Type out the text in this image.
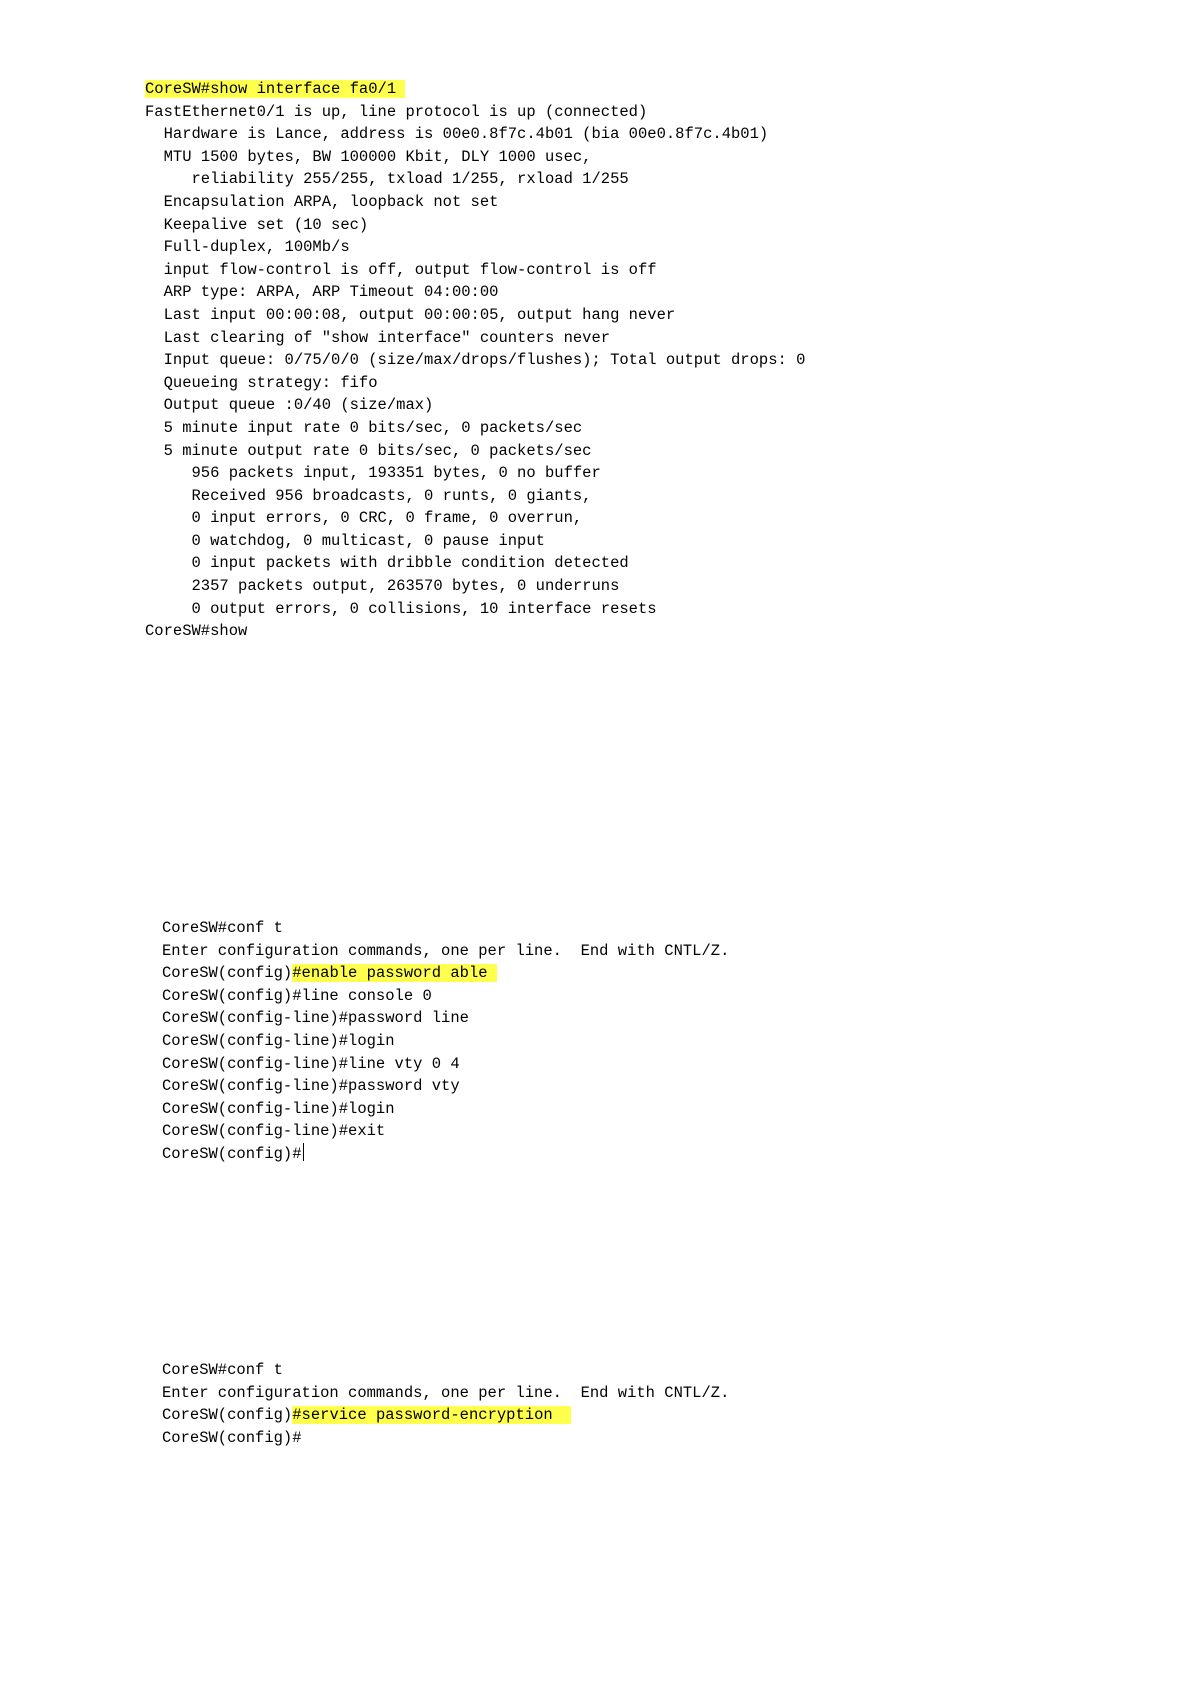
CoreSW#show interface fa0/1
FastEthernet0/1 is up, line protocol is up (connected)
Hardware is Lance, address is 00e0.8f7c.4b01 (bia 00e0.8f7c.4b01)
MTU 1500 bytes, BW 100000 Kbit, DLY 1000 usec,
reliability 255/255, txload 1/255, rxload 1/255
Encapsulation ARPA, loopback not set
Keepalive set (10 sec)
Full-duplex, 100Mb/s
input flow-control is off, output flow-control is off
ARP type: ARPA, ARP Timeout 04:00:00
Last input 00:00:08, output 00:00:05, output hang never
Last clearing of "show interface" counters never
Input queue: 0/75/0/0 (size/max/drops/flushes); Total output drops: 0
Queueing strategy: fifo
Output queue :0/40 (size/max)
5 minute input rate 0 bits/sec, 0 packets/sec
5 minute output rate 0 bits/sec, 0 packets/sec
956 packets input, 193351 bytes, 0 no buffer
Received 956 broadcasts, 0 runts, 0 giants,
0 input errors, 0 CRC, 0 frame, 0 overrun,
0 watchdog, 0 multicast, 0 pause input
0 input packets with dribble condition detected
2357 packets output, 263570 bytes, 0 underruns
0 output errors, 0 collisions, 10 interface resets
CoreSW#show
CoreSW#conf t
Enter configuration commands, one per line.  End with CNTL/Z.
CoreSW(config)#enable password able
CoreSW(config)#line console 0
CoreSW(config-line)#password line
CoreSW(config-line)#login
CoreSW(config-line)#line vty 0 4
CoreSW(config-line)#password vty
CoreSW(config-line)#login
CoreSW(config-line)#exit
CoreSW(config)#
CoreSW#conf t
Enter configuration commands, one per line.  End with CNTL/Z.
CoreSW(config)#service password-encryption
CoreSW(config)#
